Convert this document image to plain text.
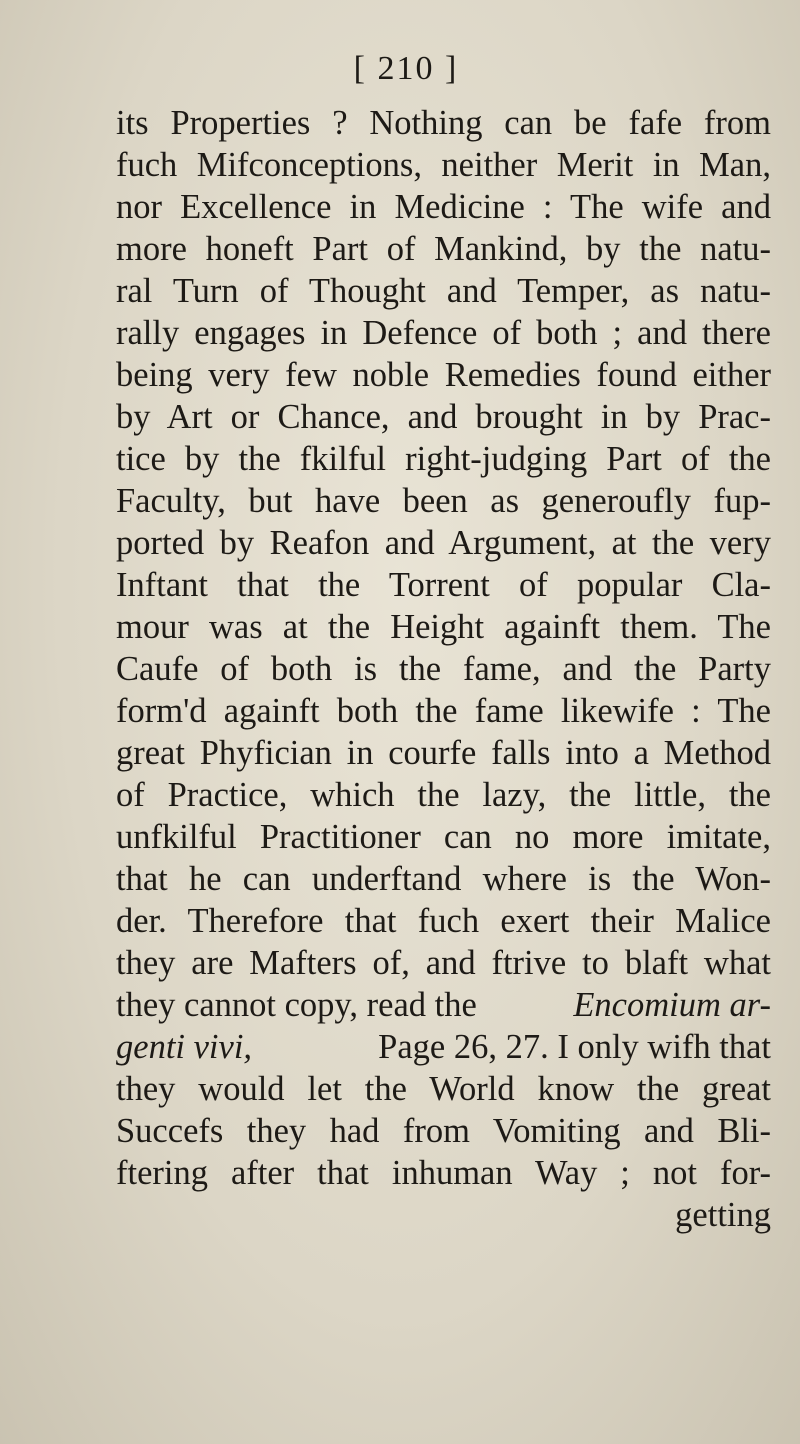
[ 210 ]
its Properties ? Nothing can be fafe from
fuch Mifconceptions, neither Merit in Man,
nor Excellence in Medicine : The wife and
more honeft Part of Mankind, by the natu-
ral Turn of Thought and Temper, as natu-
rally engages in Defence of both ; and there
being very few noble Remedies found either
by Art or Chance, and brought in by Prac-
tice by the fkilful right-judging Part of the
Faculty, but have been as generoufly fup-
ported by Reafon and Argument, at the very
Inftant that the Torrent of popular Cla-
mour was at the Height againft them. The
Caufe of both is the fame, and the Party
form'd againft both the fame likewife : The
great Phyfician in courfe falls into a Method
of Practice, which the lazy, the little, the
unfkilful Practitioner can no more imitate,
that he can underftand where is the Won-
der. Therefore that fuch exert their Malice
they are Mafters of, and ftrive to blaft what
they cannot copy, read the	Encomium ar-
genti vivi,	Page 26, 27. I only wifh that
they would let the World know the great
Succefs they had from Vomiting and Bli-
ftering after that inhuman Way ; not for-
getting
